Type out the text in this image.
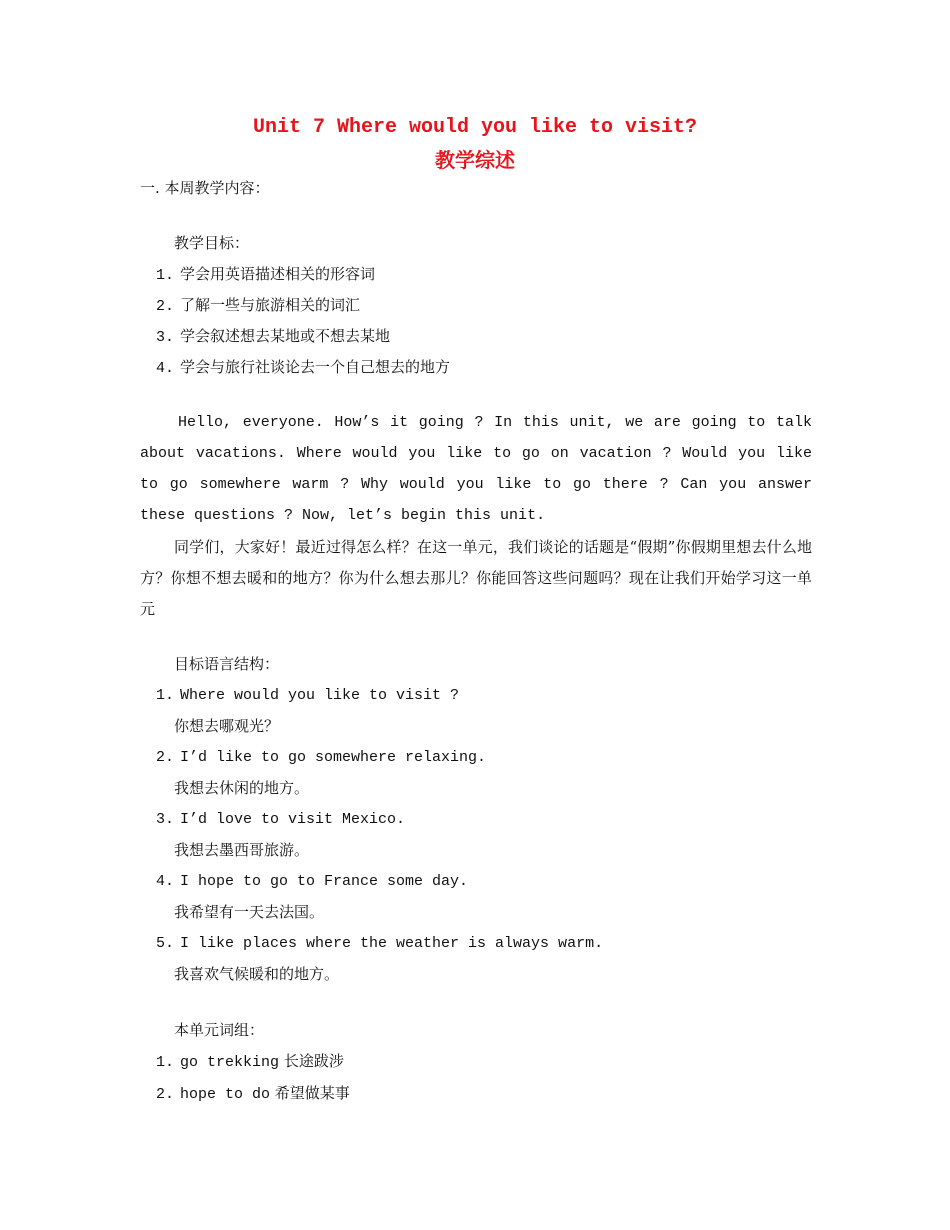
Unit 7 Where would you like to visit?
教学综述
一. 本周教学内容：
教学目标：
1. 学会用英语描述相关的形容词
2. 了解一些与旅游相关的词汇
3. 学会叙述想去某地或不想去某地
4. 学会与旅行社谈论去一个自己想去的地方
Hello, everyone. How’s it going ? In this unit, we are going to talk about vacations. Where would you like to go on vacation ? Would you like to go somewhere warm ? Why would you like to go there ? Can you answer these questions ? Now, let’s begin this unit.
同学们，大家好！最近过得怎么样？在这一单元，我们谈论的话题是“假期”你假期里想去什么地方？你想不想去暖和的地方？你为什么想去那儿？你能回答这些问题吗？现在让我们开始学习这一单元
目标语言结构：
1. Where would you like to visit ?
你想去哪观光？
2. I’d like to go somewhere relaxing.
我想去休闲的地方。
3. I’d love to visit Mexico.
我想去墨西哥旅游。
4. I hope to go to France some day.
我希望有一天去法国。
5. I like places where the weather is always warm.
我喜欢气候暖和的地方。
本单元词组：
1. go trekking 长途跋涉
2. hope to do 希望做某事
